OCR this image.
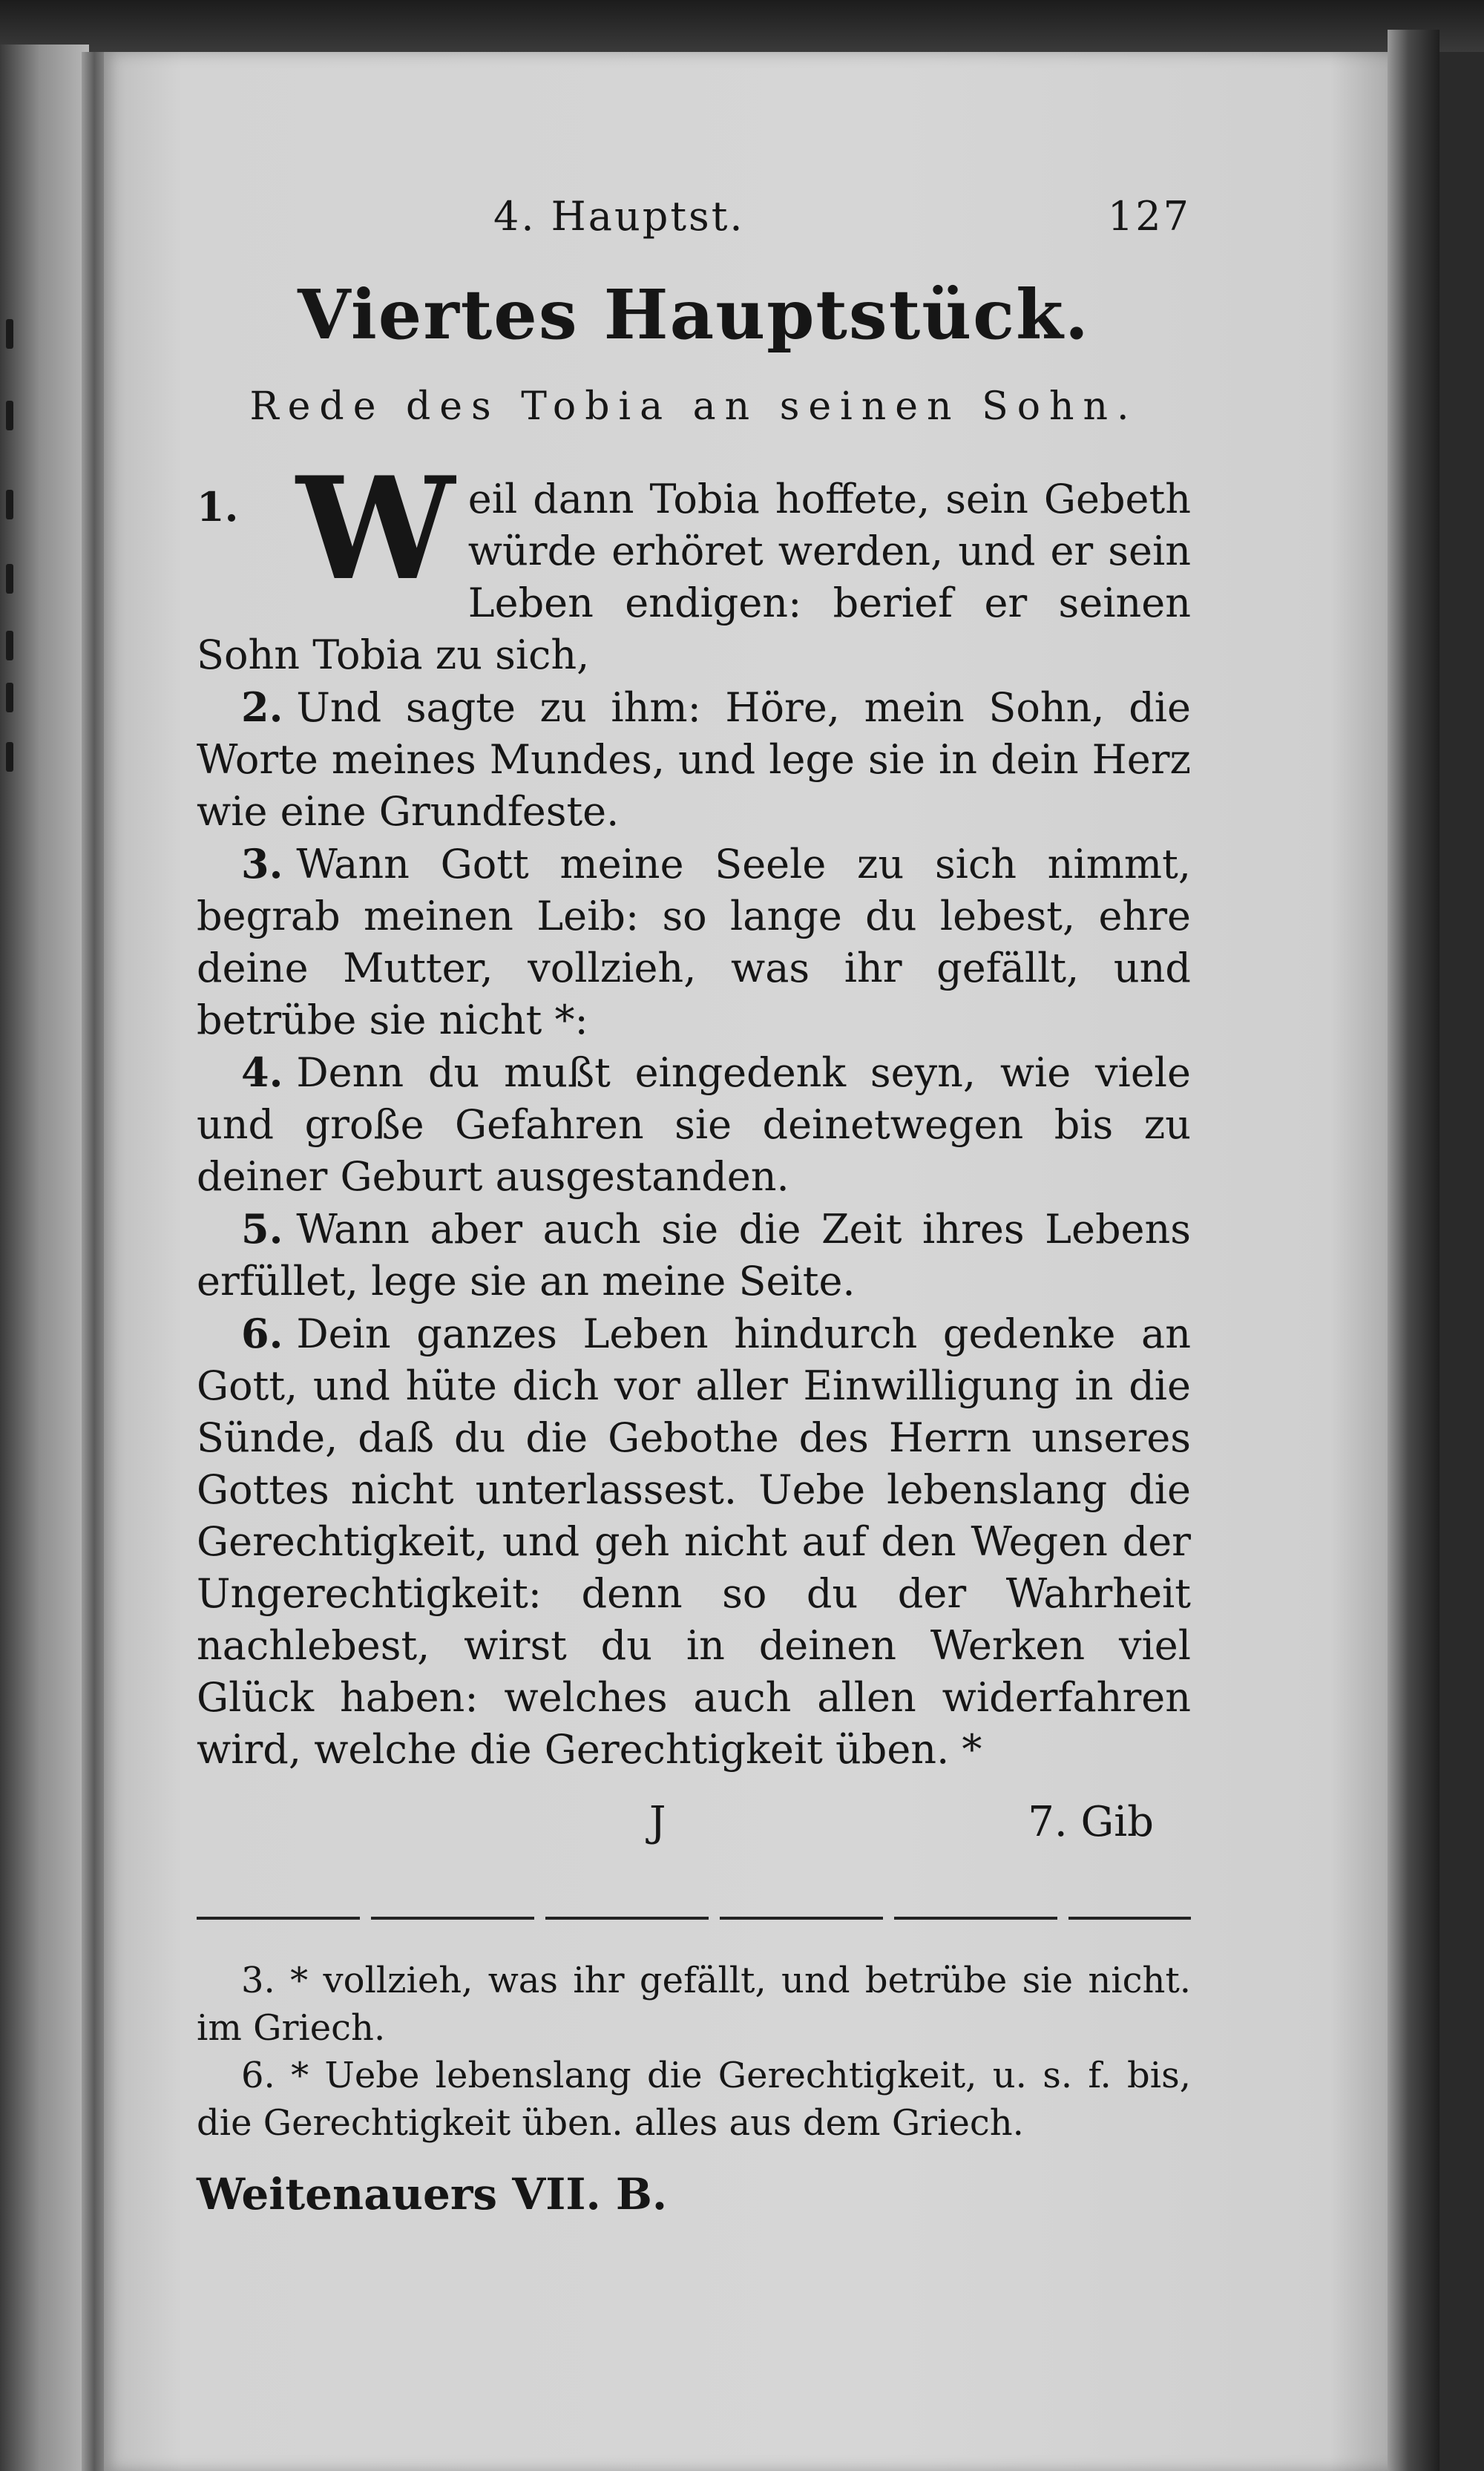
4. Hauptst.	127
Viertes Hauptstück.
Rede des Tobia an seinen Sohn.

1. W eil dann Tobia hoffete, sein Gebeth würde erhöret werden, und er sein Leben endigen: berief er seinen Sohn Tobia zu sich,

2. Und sagte zu ihm: Höre, mein Sohn, die Worte meines Mundes, und lege sie in dein Herz wie eine Grundfeste.

3. Wann Gott meine Seele zu sich nimmt, begrab meinen Leib: so lange du lebest, ehre deine Mutter, vollzieh, was ihr gefällt, und betrübe sie nicht *:

4. Denn du mußt eingedenk seyn, wie viele und große Gefahren sie deinetwegen bis zu deiner Geburt ausgestanden.

5. Wann aber auch sie die Zeit ihres Lebens erfüllet, lege sie an meine Seite.

6. Dein ganzes Leben hindurch gedenke an Gott, und hüte dich vor aller Einwilligung in die Sünde, daß du die Gebothe des Herrn unseres Gottes nicht unterlassest. Uebe lebenslang die Gerechtigkeit, und geh nicht auf den Wegen der Ungerechtigkeit: denn so du der Wahrheit nachlebest, wirst du in deinen Werken viel Glück haben: welches auch allen widerfahren wird, welche die Gerechtigkeit üben. *

J	7. Gib

3. * vollzieh, was ihr gefällt, und betrübe sie nicht. im Griech.

6. * Uebe lebenslang die Gerechtigkeit, u. s. f. bis, die Gerechtigkeit üben. alles aus dem Griech.

Weitenauers VII. B.
